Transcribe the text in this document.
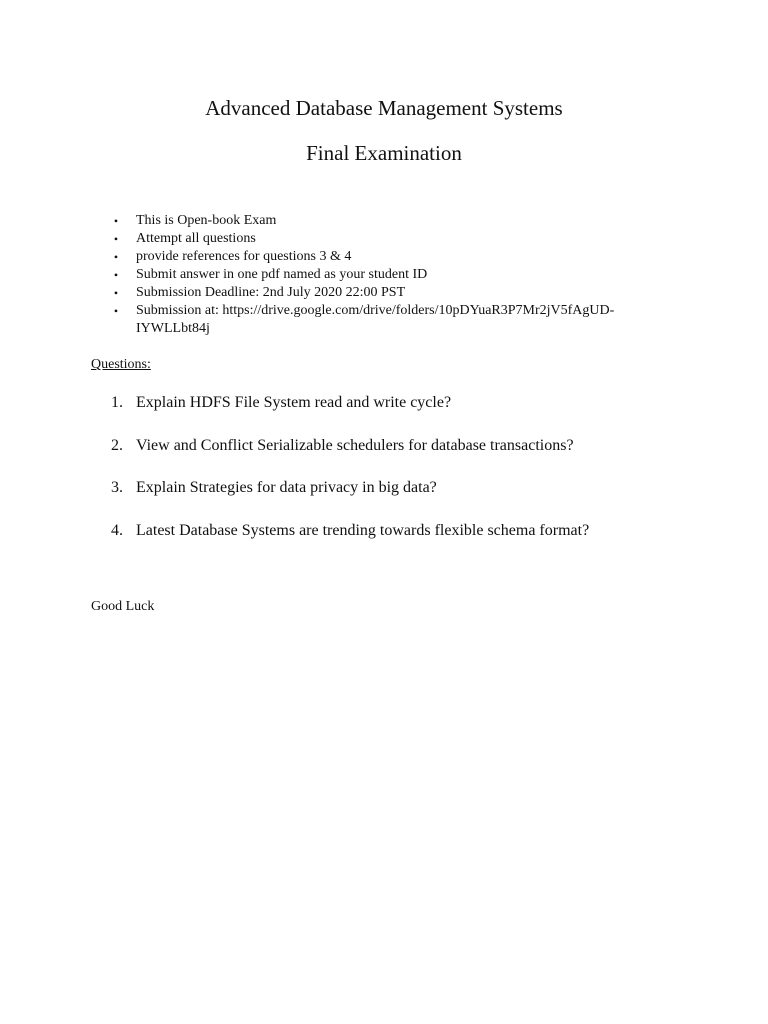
Advanced Database Management Systems
Final Examination
• This is Open-book Exam
• Attempt all questions
• provide references for questions 3 & 4
• Submit answer in one pdf named as your student ID
• Submission Deadline: 2nd July 2020 22:00 PST
• Submission at: https://drive.google.com/drive/folders/10pDYuaR3P7Mr2jV5fAgUD-IYWLLbt84j

Questions:

1. Explain HDFS File System read and write cycle?
2. View and Conflict Serializable schedulers for database transactions?
3. Explain Strategies for data privacy in big data?
4. Latest Database Systems are trending towards flexible schema format?

Good Luck
